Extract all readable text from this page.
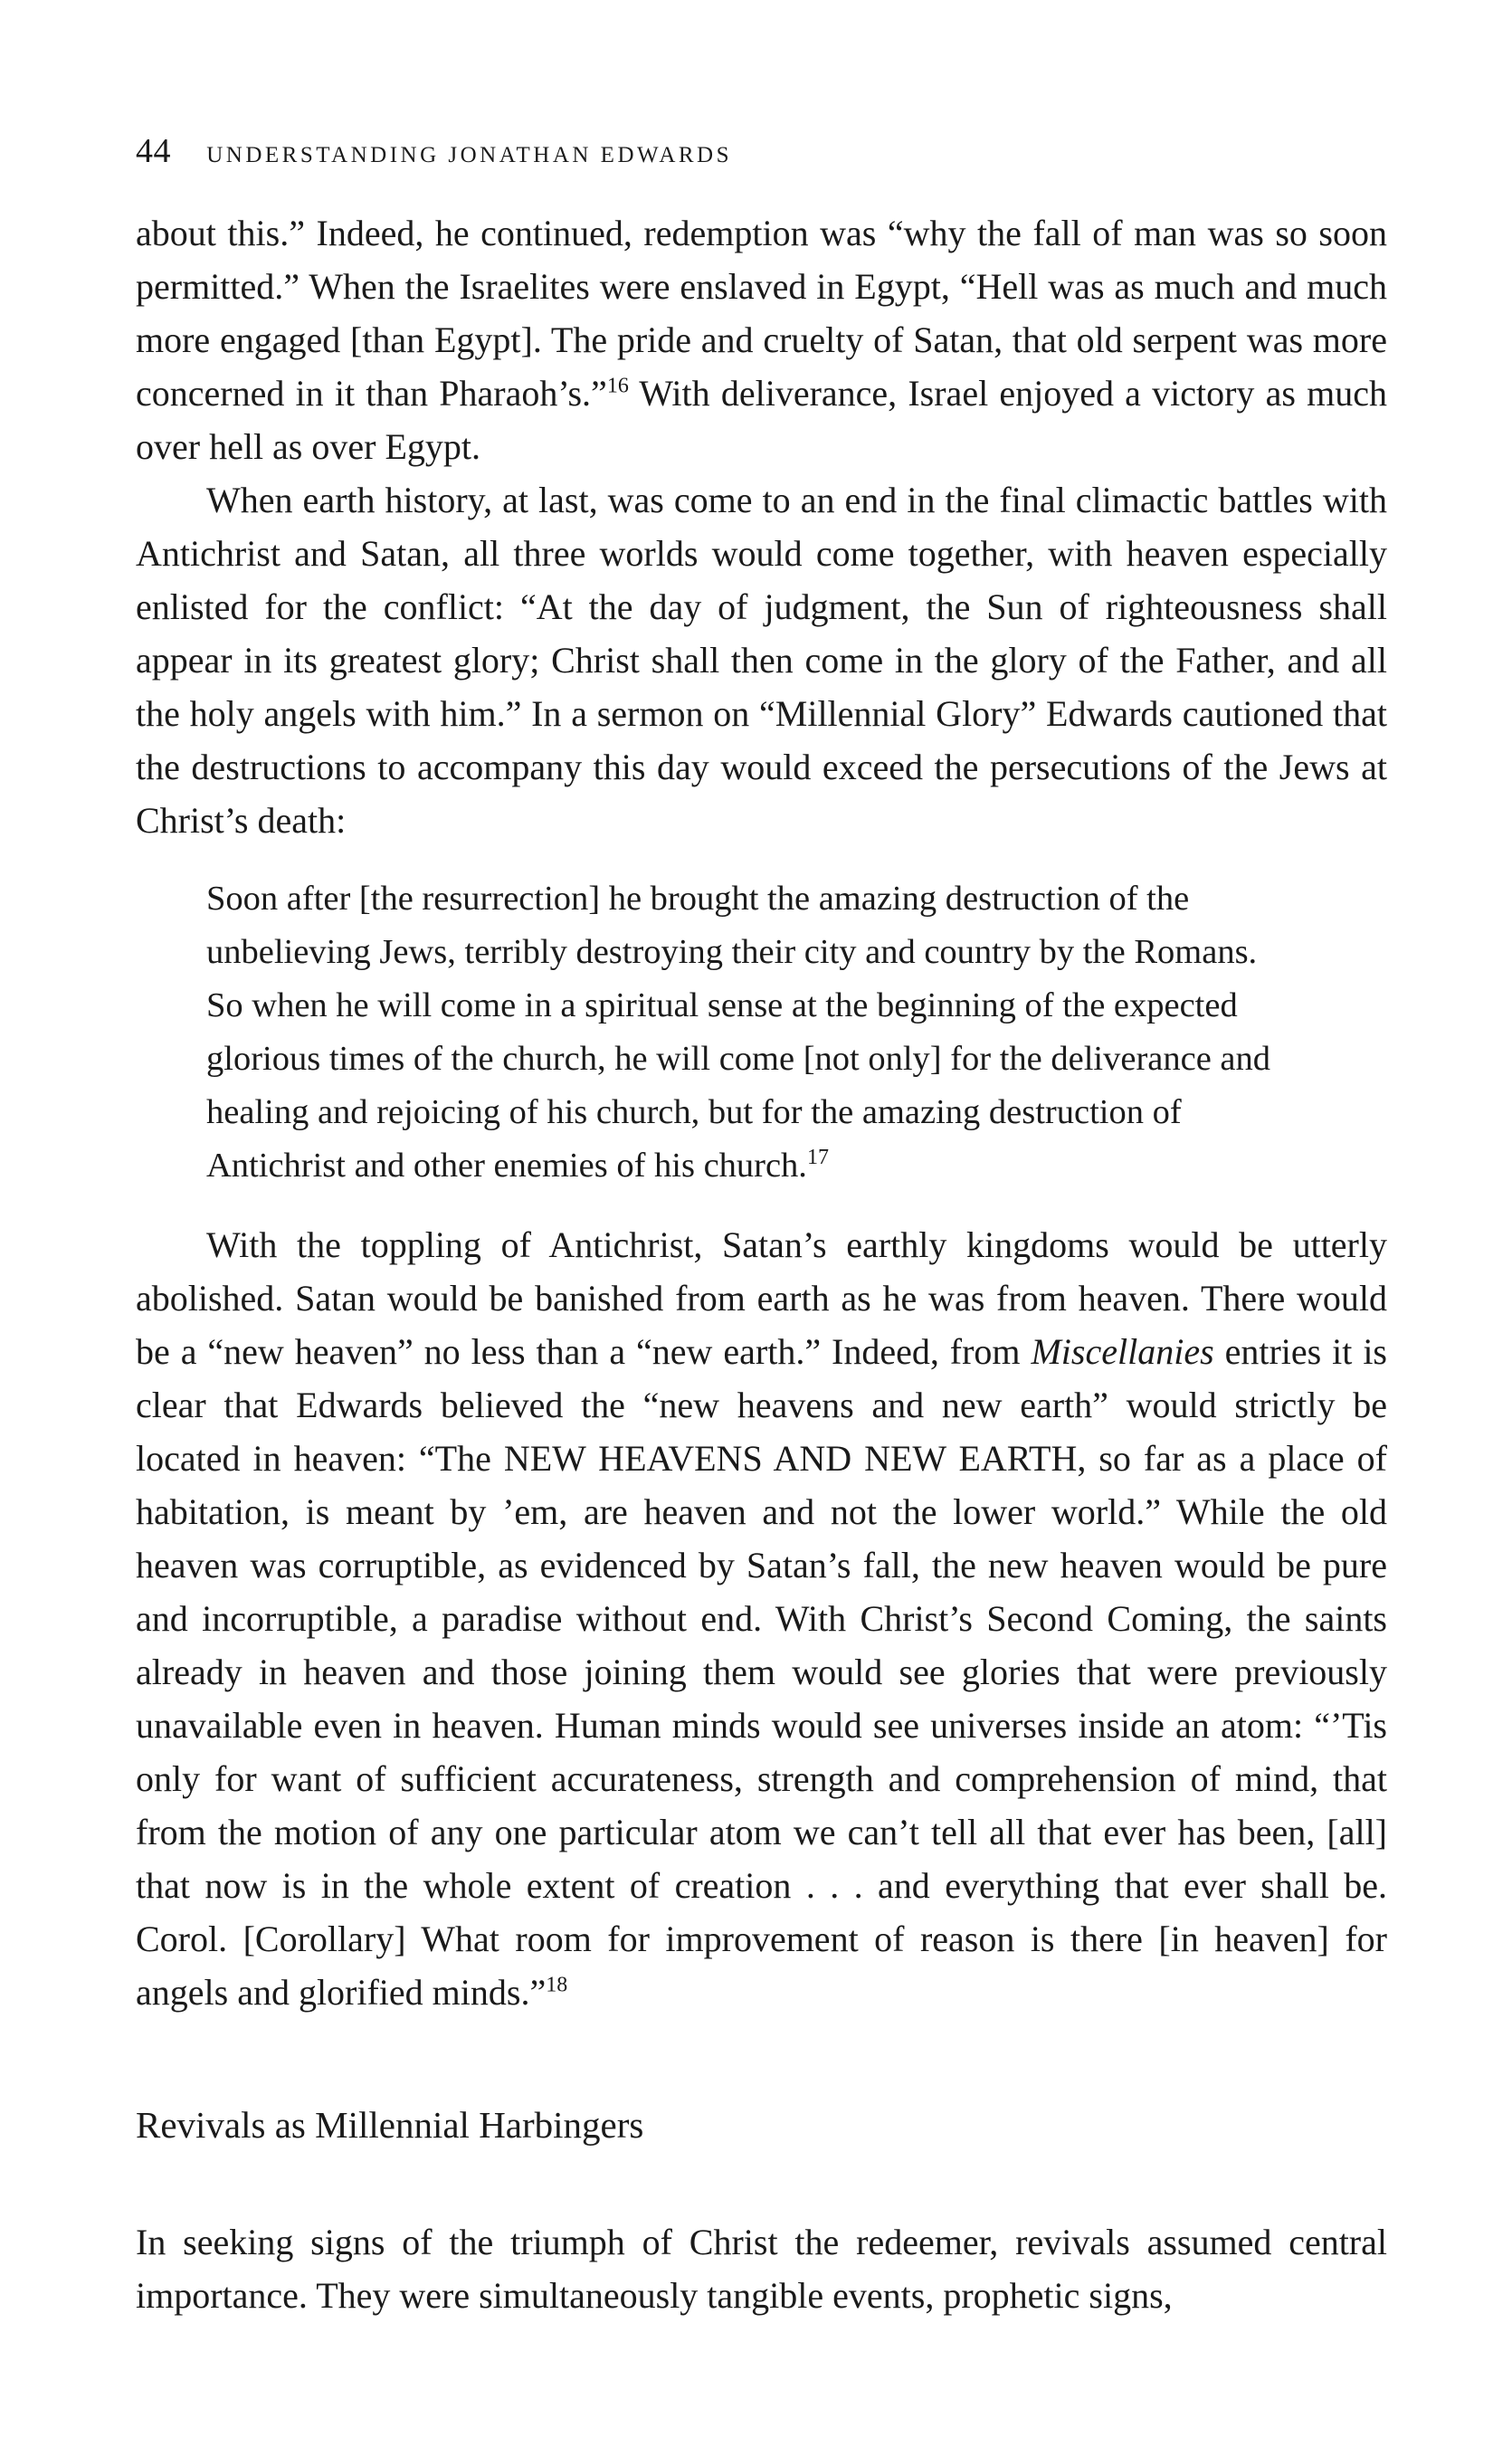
44 UNDERSTANDING JONATHAN EDWARDS

about this.” Indeed, he continued, redemption was “why the fall of man was so soon permitted.” When the Israelites were enslaved in Egypt, “Hell was as much and much more engaged [than Egypt]. The pride and cruelty of Satan, that old serpent was more concerned in it than Pharaoh’s.”$^{16}$ With deliverance, Israel enjoyed a victory as much over hell as over Egypt.

When earth history, at last, was come to an end in the final climactic battles with Antichrist and Satan, all three worlds would come together, with heaven especially enlisted for the conflict: “At the day of judgment, the Sun of righteousness shall appear in its greatest glory; Christ shall then come in the glory of the Father, and all the holy angels with him.” In a sermon on “Millennial Glory” Edwards cautioned that the destructions to accompany this day would exceed the persecutions of the Jews at Christ’s death:

Soon after [the resurrection] he brought the amazing destruction of the unbelieving Jews, terribly destroying their city and country by the Romans. So when he will come in a spiritual sense at the beginning of the expected glorious times of the church, he will come [not only] for the deliverance and healing and rejoicing of his church, but for the amazing destruction of Antichrist and other enemies of his church.$^{17}$

With the toppling of Antichrist, Satan’s earthly kingdoms would be utterly abolished. Satan would be banished from earth as he was from heaven. There would be a “new heaven” no less than a “new earth.” Indeed, from Miscellanies entries it is clear that Edwards believed the “new heavens and new earth” would strictly be located in heaven: “The NEW HEAVENS AND NEW EARTH, so far as a place of habitation, is meant by ’em, are heaven and not the lower world.” While the old heaven was corruptible, as evidenced by Satan’s fall, the new heaven would be pure and incorruptible, a paradise without end. With Christ’s Second Coming, the saints already in heaven and those joining them would see glories that were previously unavailable even in heaven. Human minds would see universes inside an atom: “’Tis only for want of sufficient accurateness, strength and comprehension of mind, that from the motion of any one particular atom we can’t tell all that ever has been, [all] that now is in the whole extent of creation . . . and everything that ever shall be. Corol. [Corollary] What room for improvement of reason is there [in heaven] for angels and glorified minds.”$^{18}$

Revivals as Millennial Harbingers

In seeking signs of the triumph of Christ the redeemer, revivals assumed central importance. They were simultaneously tangible events, prophetic signs,
